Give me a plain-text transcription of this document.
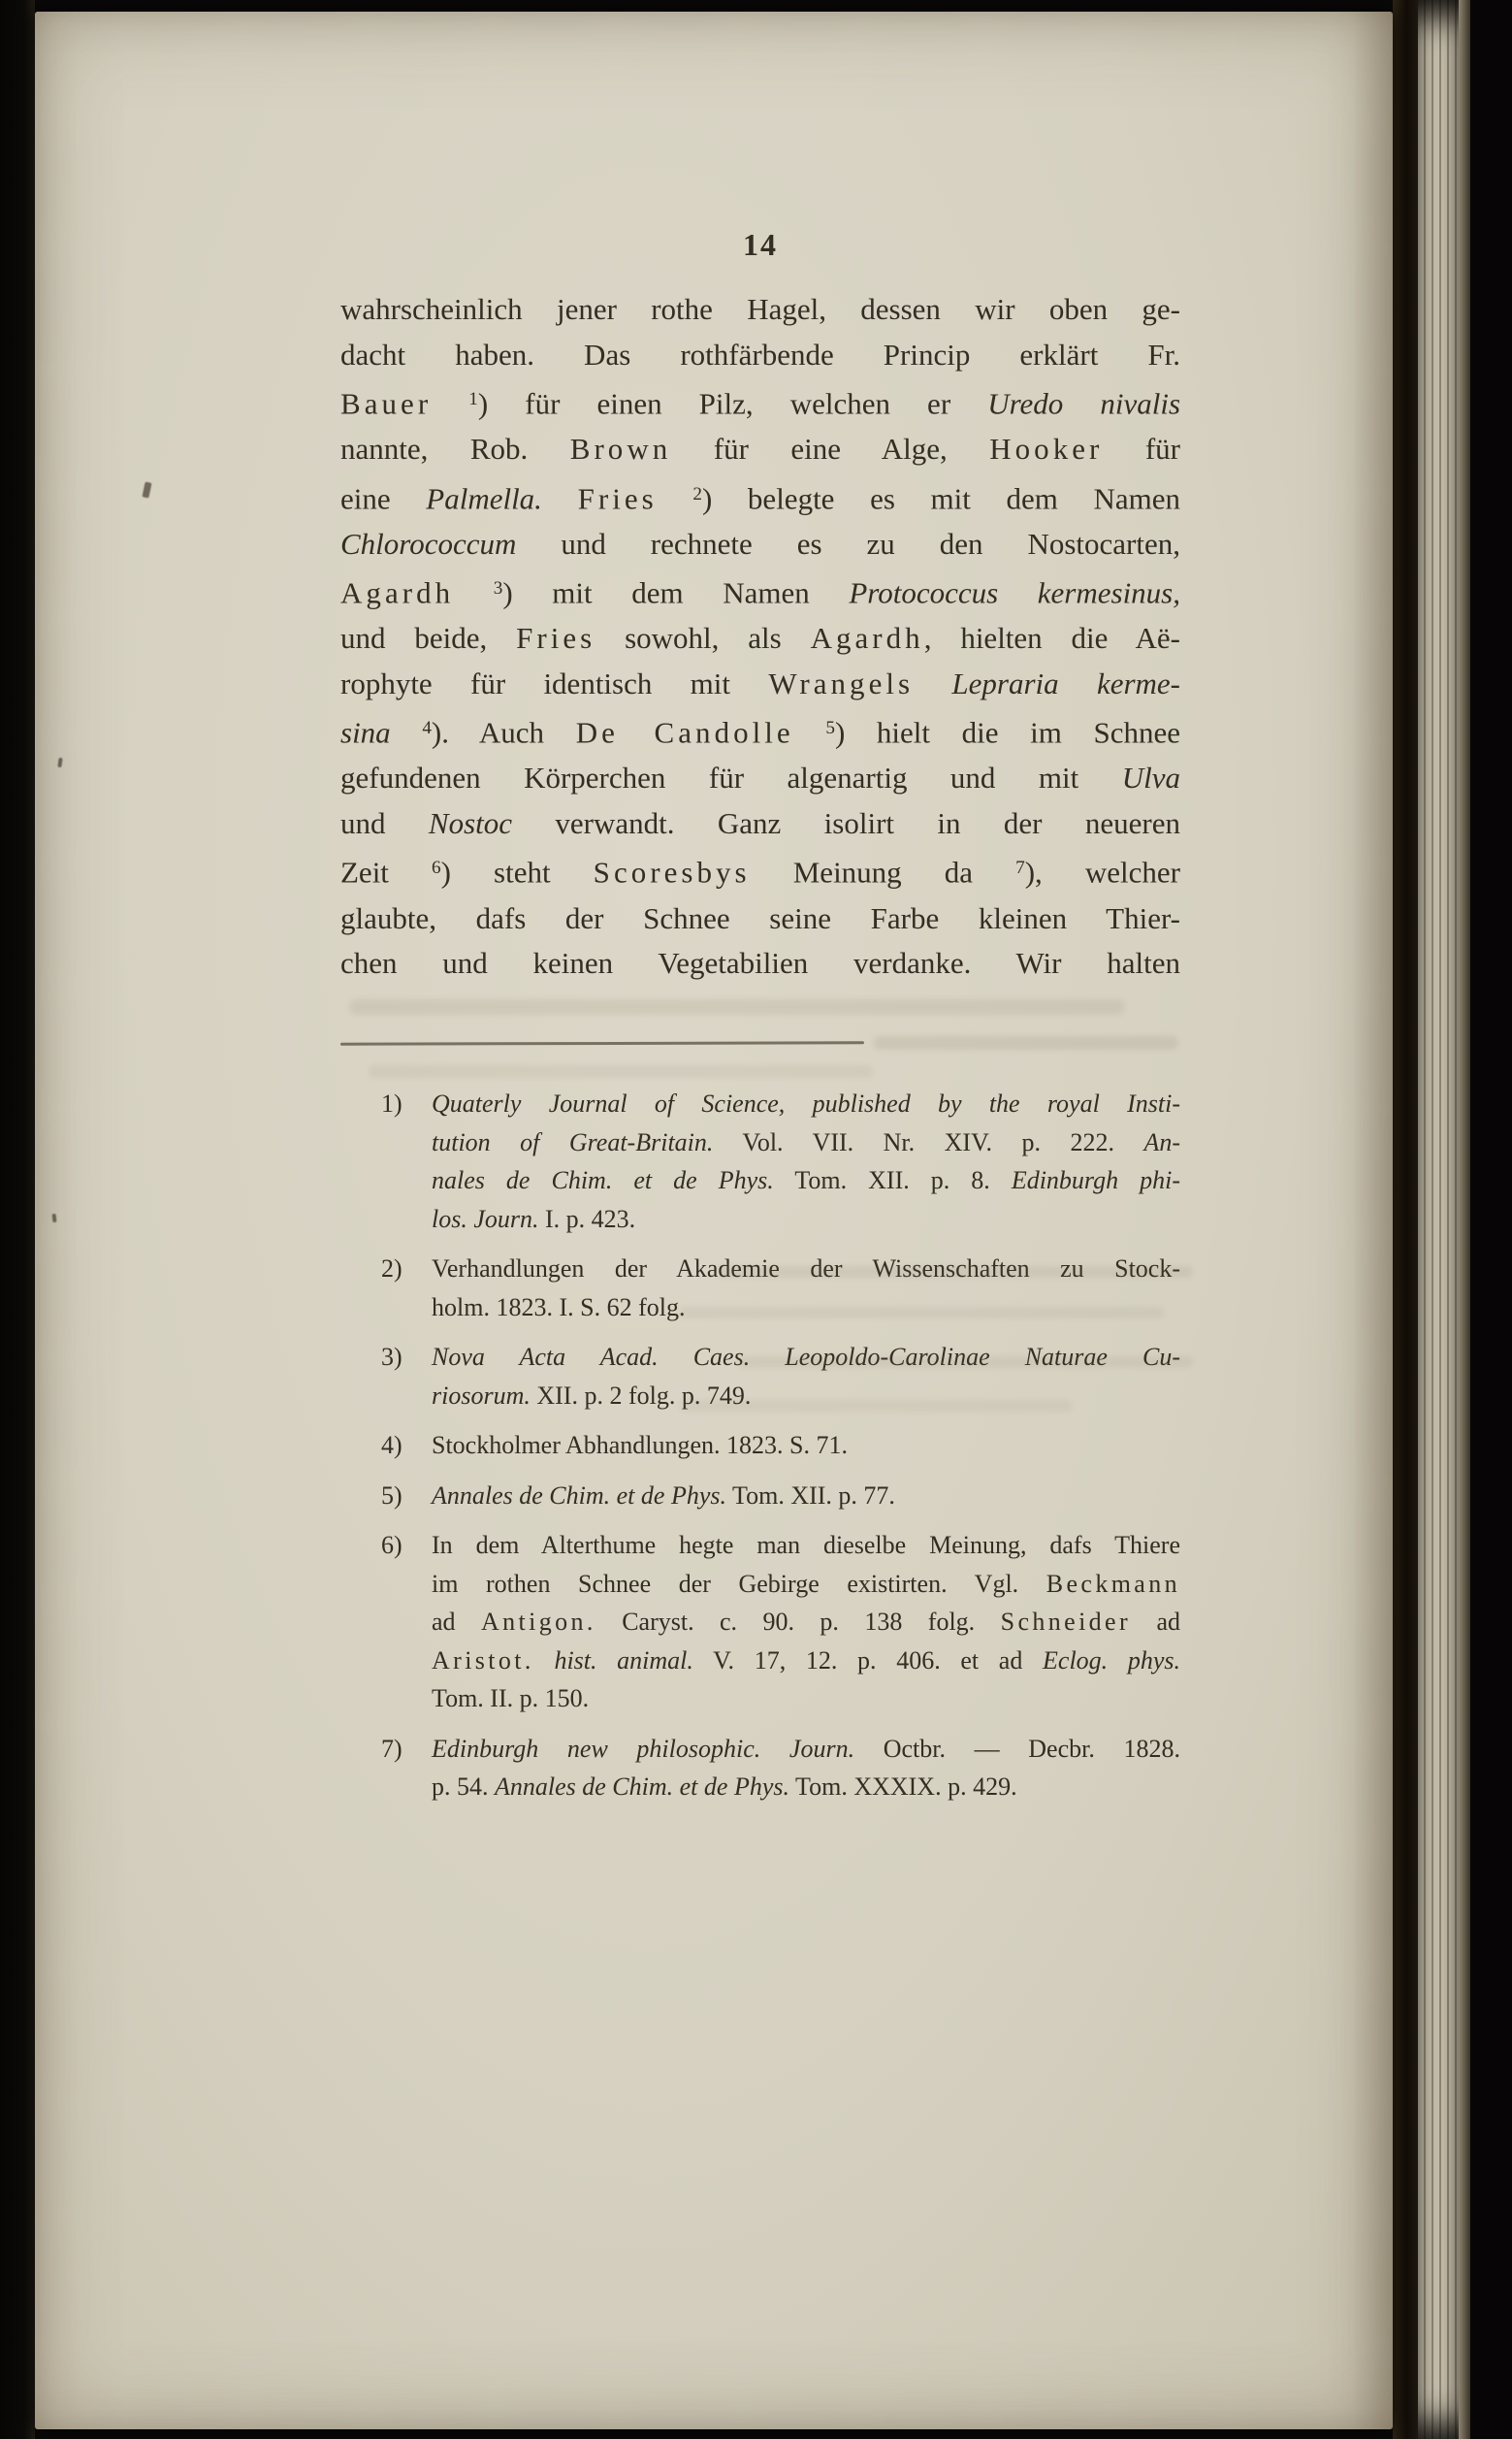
14
wahrscheinlich jener rothe Hagel, dessen wir oben ge-
dacht haben. Das rothfärbende Princip erklärt Fr.
Bauer $^1$) für einen Pilz, welchen er Uredo nivalis
nannte, Rob. Brown für eine Alge, Hooker für
eine Palmella. Fries $^2$) belegte es mit dem Namen
Chlorococcum und rechnete es zu den Nostocarten,
Agardh $^3$) mit dem Namen Protococcus kermesinus,
und beide, Fries sowohl, als Agardh, hielten die Aë-
rophyte für identisch mit Wrangels Lepraria kerme-
sina $^4$). Auch De Candolle $^5$) hielt die im Schnee
gefundenen Körperchen für algenartig und mit Ulva
und Nostoc verwandt. Ganz isolirt in der neueren
Zeit $^6$) steht Scoresbys Meinung da $^7$), welcher
glaubte, dafs der Schnee seine Farbe kleinen Thier-
chen und keinen Vegetabilien verdanke. Wir halten
1)	Quaterly Journal of Science, published by the royal Insti-
tution of Great-Britain. Vol. VII. Nr. XIV. p. 222. An-
nales de Chim. et de Phys. Tom. XII. p. 8. Edinburgh phi-
los. Journ. I. p. 423.
2)	Verhandlungen der Akademie der Wissenschaften zu Stock-
holm. 1823. I. S. 62 folg.
3)	Nova Acta Acad. Caes. Leopoldo-Carolinae Naturae Cu-
riosorum. XII. p. 2 folg. p. 749.
4)	Stockholmer Abhandlungen. 1823. S. 71.
5)	Annales de Chim. et de Phys. Tom. XII. p. 77.
6)	In dem Alterthume hegte man dieselbe Meinung, dafs Thiere
im rothen Schnee der Gebirge existirten. Vgl. Beckmann
ad Antigon. Caryst. c. 90. p. 138 folg. Schneider ad
Aristot. hist. animal. V. 17, 12. p. 406. et ad Eclog. phys.
Tom. II. p. 150.
7)	Edinburgh new philosophic. Journ. Octbr. — Decbr. 1828.
p. 54. Annales de Chim. et de Phys. Tom. XXXIX. p. 429.
